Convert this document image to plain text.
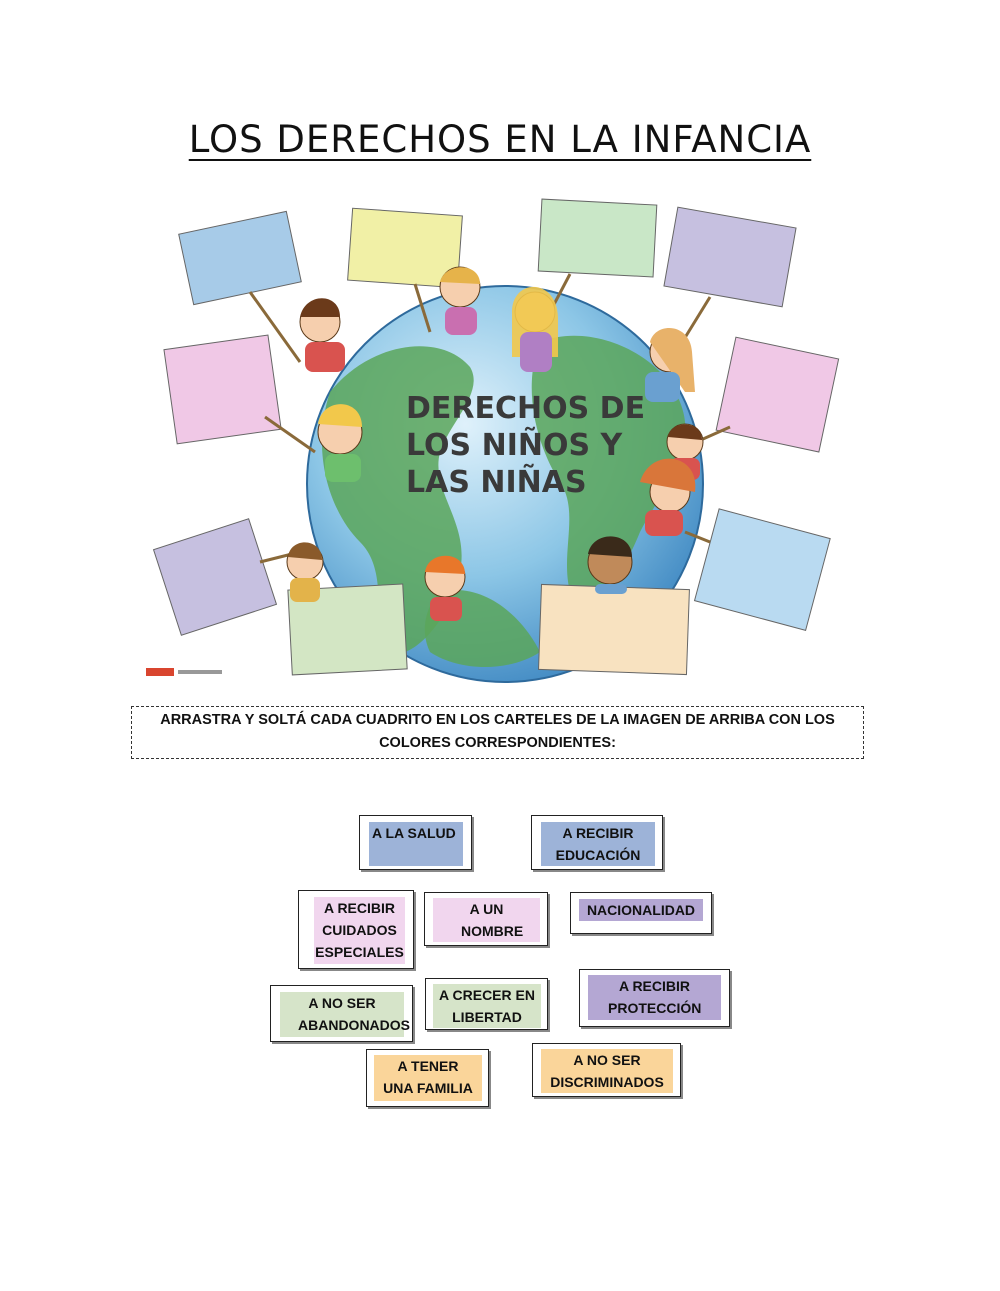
LOS DERECHOS EN LA INFANCIA
DERECHOS DE
LOS NIÑOS Y
LAS NIÑAS
ARRASTRA Y SOLTÁ CADA CUADRITO EN LOS CARTELES DE LA IMAGEN DE ARRIBA CON LOS
COLORES CORRESPONDIENTES:
A LA SALUD	A RECIBIR EDUCACIÓN
A RECIBIR CUIDADOS ESPECIALES
A UN NOMBRE
NACIONALIDAD
A NO SER ABANDONADOS
A CRECER EN LIBERTAD
A RECIBIR PROTECCIÓN
A TENER UNA FAMILIA
A NO SER DISCRIMINADOS
